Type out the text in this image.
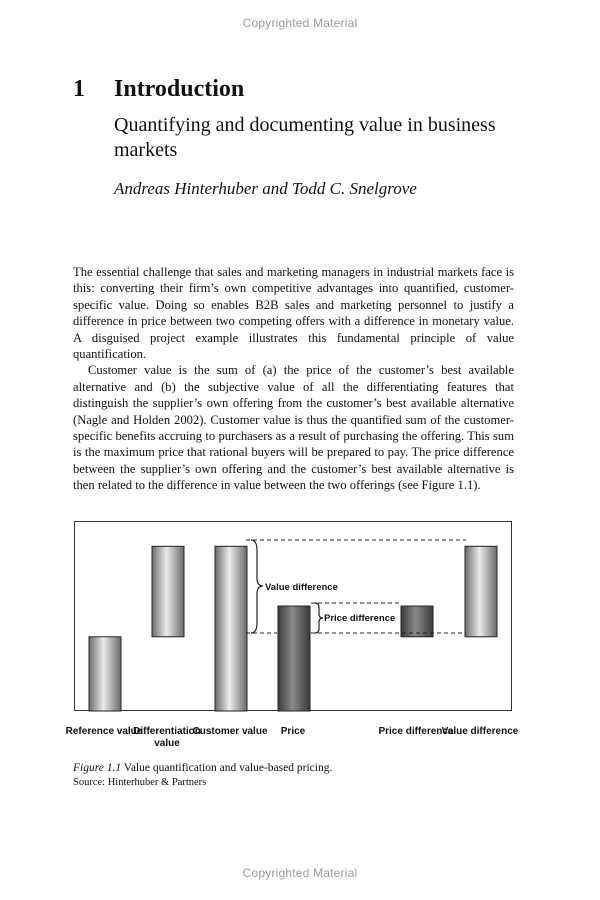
Copyrighted Material
1 Introduction
Quantifying and documenting value in business markets
Andreas Hinterhuber and Todd C. Snelgrove

The essential challenge that sales and marketing managers in industrial markets face is this: converting their firm’s own competitive advantages into quantified, customer-specific value. Doing so enables B2B sales and marketing personnel to justify a difference in price between two competing offers with a difference in monetary value. A disguised project example illustrates this fundamental principle of value quantification.

Customer value is the sum of (a) the price of the customer’s best available alternative and (b) the subjective value of all the differentiating features that distinguish the supplier’s own offering from the customer’s best available alternative (Nagle and Holden 2002). Customer value is thus the quantified sum of the customer-specific benefits accruing to purchasers as a result of purchasing the offering. This sum is the maximum price that rational buyers will be prepared to pay. The price difference between the supplier’s own offering and the customer’s best available alternative is then related to the difference in value between the two offerings (see Figure 1.1).

Value difference
Price difference
Reference value
Differentiation value
Customer value	Price	Price difference
Value difference
Figure 1.1 Value quantification and value-based pricing.
Source: Hinterhuber & Partners
Copyrighted Material
